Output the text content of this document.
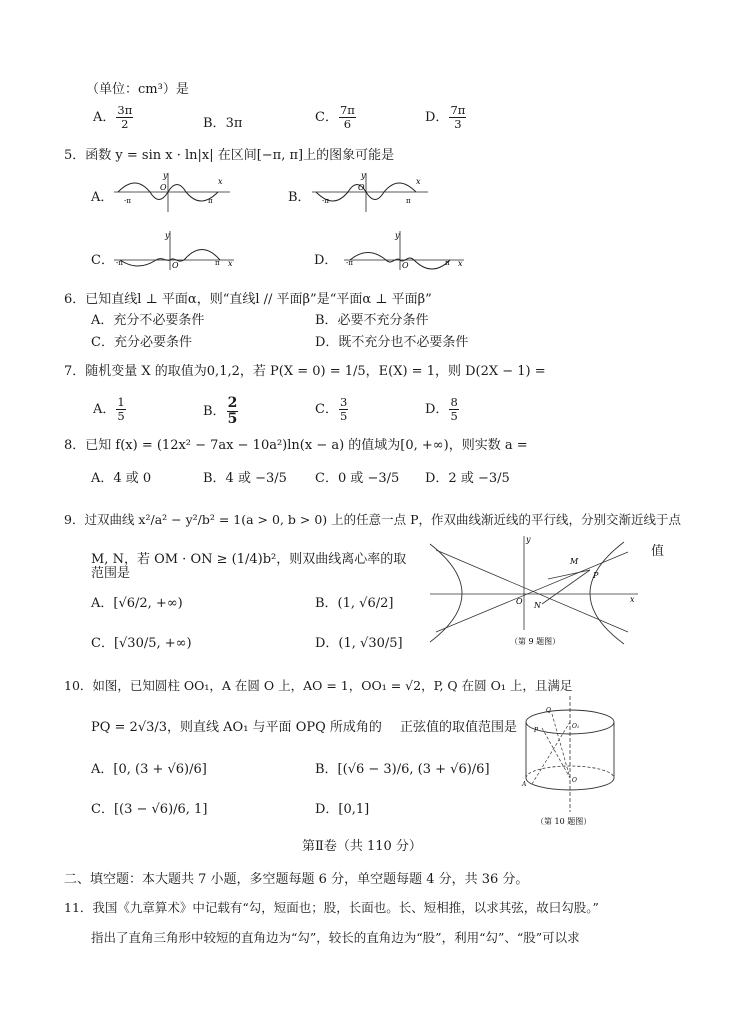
（单位：cm³）是
A． $\frac{3\pi}{2}$	B．3π	C． $\frac{7\pi}{6}$	D． $\frac{7\pi}{3}$
5．函数 y = sin x · ln|x| 在区间[−π, π]上的图象可能是
A．
x
y
O
-π	π	B．
x
y
O
-π	π
C．	x
y
O
-π	π	D．	x
y
O
-π	π
6．已知直线l ⊥ 平面α，则“直线l // 平面β”是“平面α ⊥ 平面β”
A．充分不必要条件	B．必要不充分条件
C．充分必要条件	D．既不充分也不必要条件
7．随机变量 X 的取值为0,1,2，若 P(X = 0) = 1/5，E(X) = 1，则 D(2X − 1) =
A． $\frac{1}{5}$	B． $\frac{2}{5}$	C． $\frac{3}{5}$	D． $\frac{8}{5}$
8．已知 f(x) = (12x² − 7ax − 10a²)ln(x − a) 的值域为[0, +∞)，则实数 a =
A．4 或 0	B．4 或 −3/5 C．0 或 −3/5 D．2 或 −3/5
9．过双曲线 x²/a² − y²/b² = 1(a > 0, b > 0) 上的任意一点 P，作双曲线渐近线的平行线，分别交渐近线于点
M, N，若 OM · ON ≥ (1/4)b²，则双曲线离心率的取
值
范围是
A．[√6/2, +∞)	B．(1, √6/2]
C．[√30/5, +∞)	D．(1, √30/5]
y
x
O
M
P
N
（第 9 题图）
10．如图，已知圆柱 OO₁，A 在圆 O 上，AO = 1，OO₁ = √2，P, Q 在圆 O₁ 上，且满足
PQ = 2√3/3，则直线 AO₁ 与平面 OPQ 所成角的 正弦值的取值范围是
A．[0, (3 + √6)/6]	B．[(√6 − 3)/6, (3 + √6)/6]
C．[(3 − √6)/6, 1]	D．[0,1]
Q
P
O₁
O
A
（第 10 题图）
第Ⅱ卷（共 110 分）
二、填空题：本大题共 7 小题，多空题每题 6 分，单空题每题 4 分，共 36 分。
11．我国《九章算术》中记载有“勾，短面也；股，长面也。长、短相推，以求其弦，故曰勾股。”
指出了直角三角形中较短的直角边为“勾”，较长的直角边为“股”，利用“勾”、“股”可以求
